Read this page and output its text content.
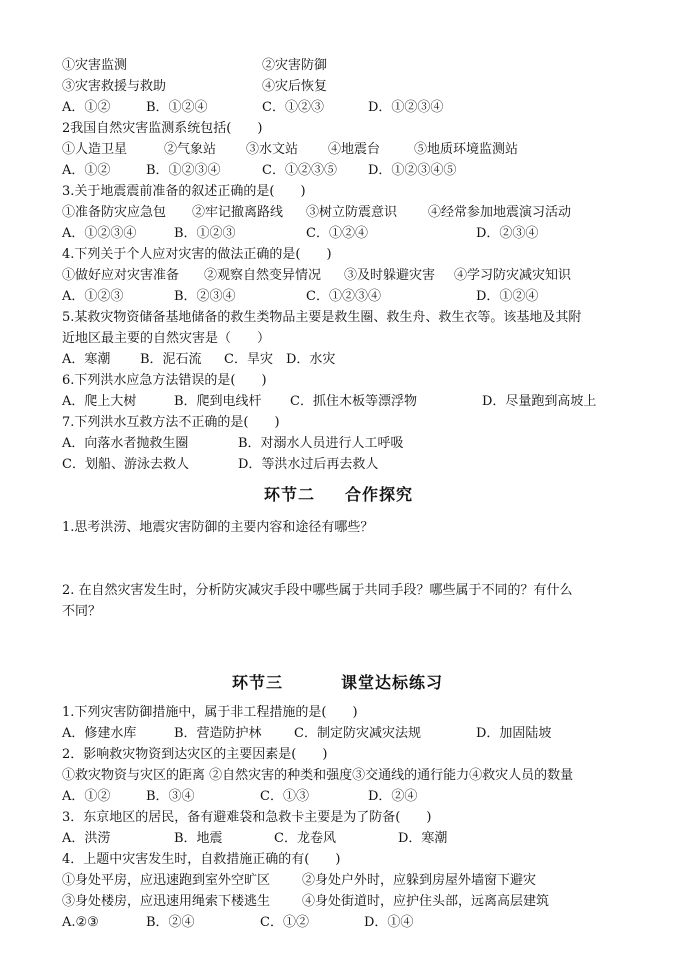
①灾害监测	②灾害防御
③灾害救援与救助	④灾后恢复
A．①②	B．①②④	C．①②③	D．①②③④
2我国自然灾害监测系统包括(　　)
①人造卫星	②气象站 ③水文站 ④地震台	⑤地质环境监测站
A．①②	B．①②③④	C．①②③⑤ D．①②③④⑤
3.关于地震震前准备的叙述正确的是(　　)
①准备防灾应急包 ②牢记撤离路线 ③树立防震意识 ④经常参加地震演习活动
A．①②③④	B．①②③	C．①②④	D．②③④
4.下列关于个人应对灾害的做法正确的是(　　)
①做好应对灾害准备 ②观察自然变异情况 ③及时躲避灾害 ④学习防灾减灾知识
A．①②③	B．②③④	C．①②③④	D．①②④
5.某救灾物资储备基地储备的救生类物品主要是救生圈、救生舟、救生衣等。该基地及其附
近地区最主要的自然灾害是（　　）
A．寒潮 B．泥石流 C．旱灾 D．水灾
6.下列洪水应急方法错误的是(　　)
A．爬上大树	B．爬到电线杆 C．抓住木板等漂浮物	D．尽量跑到高坡上
7.下列洪水互救方法不正确的是(　　)
A．向落水者抛救生圈	B．对溺水人员进行人工呼吸
C．划船、游泳去救人	D．等洪水过后再去救人
环节二 合作探究
1.思考洪涝、地震灾害防御的主要内容和途径有哪些？
2. 在自然灾害发生时，分析防灾减灾手段中哪些属于共同手段？哪些属于不同的？有什么
不同？
环节三	课堂达标练习
1.下列灾害防御措施中，属于非工程措施的是(　　)
A．修建水库	B．营造防护林 C．制定防灾减灾法规	D．加固陆坡
2．影响救灾物资到达灾区的主要因素是(　　)
①救灾物资与灾区的距离 ②自然灾害的种类和强度③交通线的通行能力④救灾人员的数量
A．①②	B．③④	C．①③	D．②④
3．东京地区的居民，备有避难袋和急救卡主要是为了防备(　　)
A．洪涝	B．地震	C．龙卷风	D．寒潮
4．上题中灾害发生时，自救措施正确的有(　　)
①身处平房，应迅速跑到室外空旷区 ②身处户外时，应躲到房屋外墙窗下避灾
③身处楼房，应迅速用绳索下楼逃生 ④身处街道时，应护住头部，远离高层建筑
A.②③	B．②④	C．①②	D．①④
